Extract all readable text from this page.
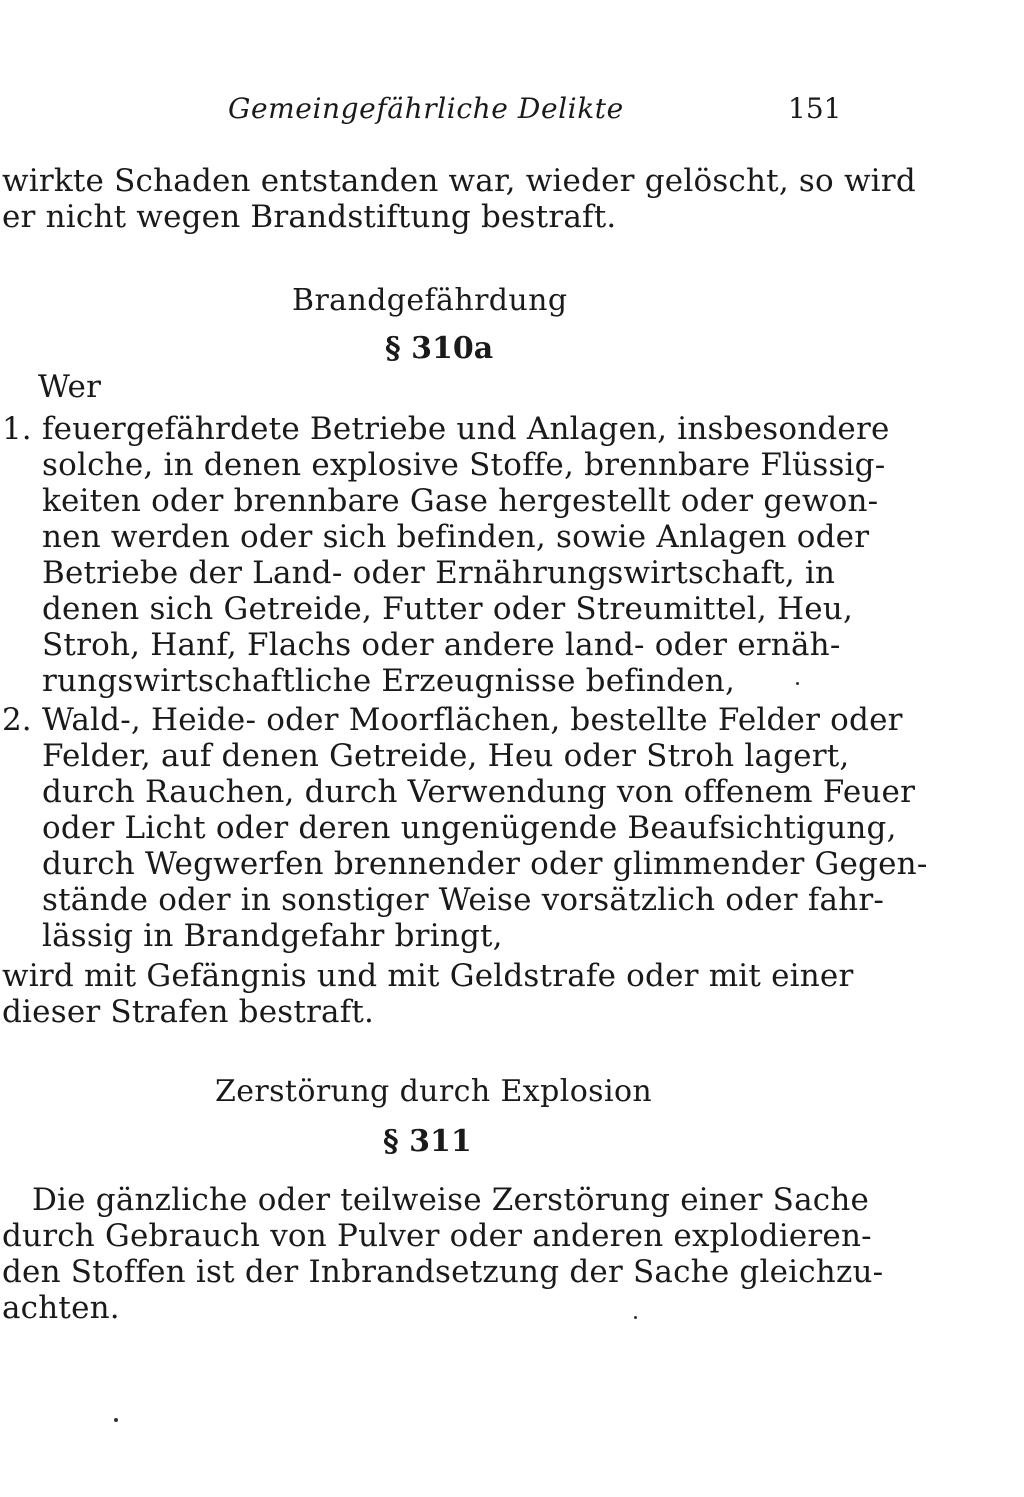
Gemeingefährliche Delikte	151
wirkte Schaden entstanden war, wieder gelöscht, so wird
er nicht wegen Brandstiftung bestraft.
Brandgefährdung
§ 310a
Wer
1. feuergefährdete Betriebe und Anlagen, insbesondere
solche, in denen explosive Stoffe, brennbare Flüssig-
keiten oder brennbare Gase hergestellt oder gewon-
nen werden oder sich befinden, sowie Anlagen oder
Betriebe der Land- oder Ernährungswirtschaft, in
denen sich Getreide, Futter oder Streumittel, Heu,
Stroh, Hanf, Flachs oder andere land- oder ernäh-
rungswirtschaftliche Erzeugnisse befinden,
2. Wald-, Heide- oder Moorflächen, bestellte Felder oder
Felder, auf denen Getreide, Heu oder Stroh lagert,
durch Rauchen, durch Verwendung von offenem Feuer
oder Licht oder deren ungenügende Beaufsichtigung,
durch Wegwerfen brennender oder glimmender Gegen-
stände oder in sonstiger Weise vorsätzlich oder fahr-
lässig in Brandgefahr bringt,
wird mit Gefängnis und mit Geldstrafe oder mit einer
dieser Strafen bestraft.
Zerstörung durch Explosion
§ 311
Die gänzliche oder teilweise Zerstörung einer Sache
durch Gebrauch von Pulver oder anderen explodieren-
den Stoffen ist der Inbrandsetzung der Sache gleichzu-
achten.
